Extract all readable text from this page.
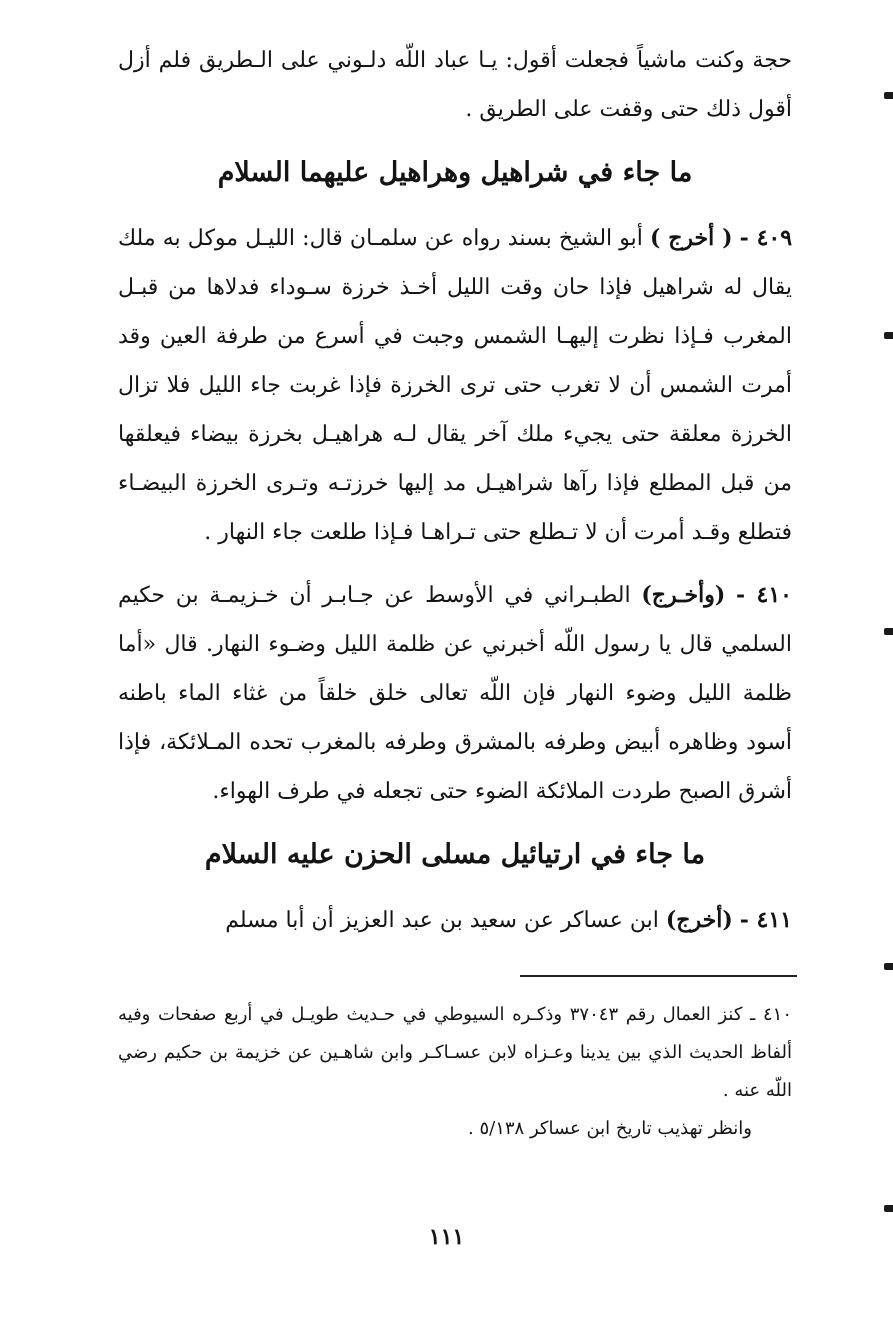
حجة وكنت ماشياً فجعلت أقول: يـا عباد اللّه دلـوني على الـطريق فلم أزل أقول ذلك حتى وقفت على الطريق .

ما جاء في شراهيل وهراهيل عليهما السلام

٤٠٩ - ( أخرج ) أبو الشيخ بسند رواه عن سلمـان قال: الليـل موكل به ملك يقال له شراهيل فإذا حان وقت الليل أخـذ خرزة سـوداء فدلاها من قبـل المغرب فـإذا نظرت إليهـا الشمس وجبت في أسرع من طرفة العين وقد أمرت الشمس أن لا تغرب حتى ترى الخرزة فإذا غربت جاء الليل فلا تزال الخرزة معلقة حتى يجيء ملك آخر يقال لـه هراهيـل بخرزة بيضاء فيعلقها من قبل المطلع فإذا رآها شراهيـل مد إليها خرزتـه وتـرى الخرزة البيضـاء فتطلع وقـد أمرت أن لا تـطلع حتى تـراهـا فـإذا طلعت جاء النهار .

٤١٠ - (وأخـرج) الطبـراني في الأوسط عن جـابـر أن خـزيمـة بن حكيم السلمي قال يا رسول اللّه أخبرني عن ظلمة الليل وضـوء النهار. قال «أما ظلمة الليل وضوء النهار فإن اللّه تعالى خلق خلقاً من غثاء الماء باطنه أسود وظاهره أبيض وطرفه بالمشرق وطرفه بالمغرب تحده المـلائكة، فإذا أشرق الصبح طردت الملائكة الضوء حتى تجعله في طرف الهواء.

ما جاء في ارتيائيل مسلى الحزن عليه السلام

٤١١ - (أخرج) ابن عساكر عن سعيد بن عبد العزيز أن أبا مسلم

٤١٠ ـ كنز العمال رقم ٣٧٠٤٣ وذكـره السيوطي في حـديث طويـل في أربع صفحات وفيه ألفاظ الحديث الذي بين يدينا وعـزاه لابن عسـاكـر وابن شاهـين عن خزيمة بن حكيم رضي اللّه عنه .

وانظر تهذيب تاريخ ابن عساكر ٥/١٣٨ .

١١١
